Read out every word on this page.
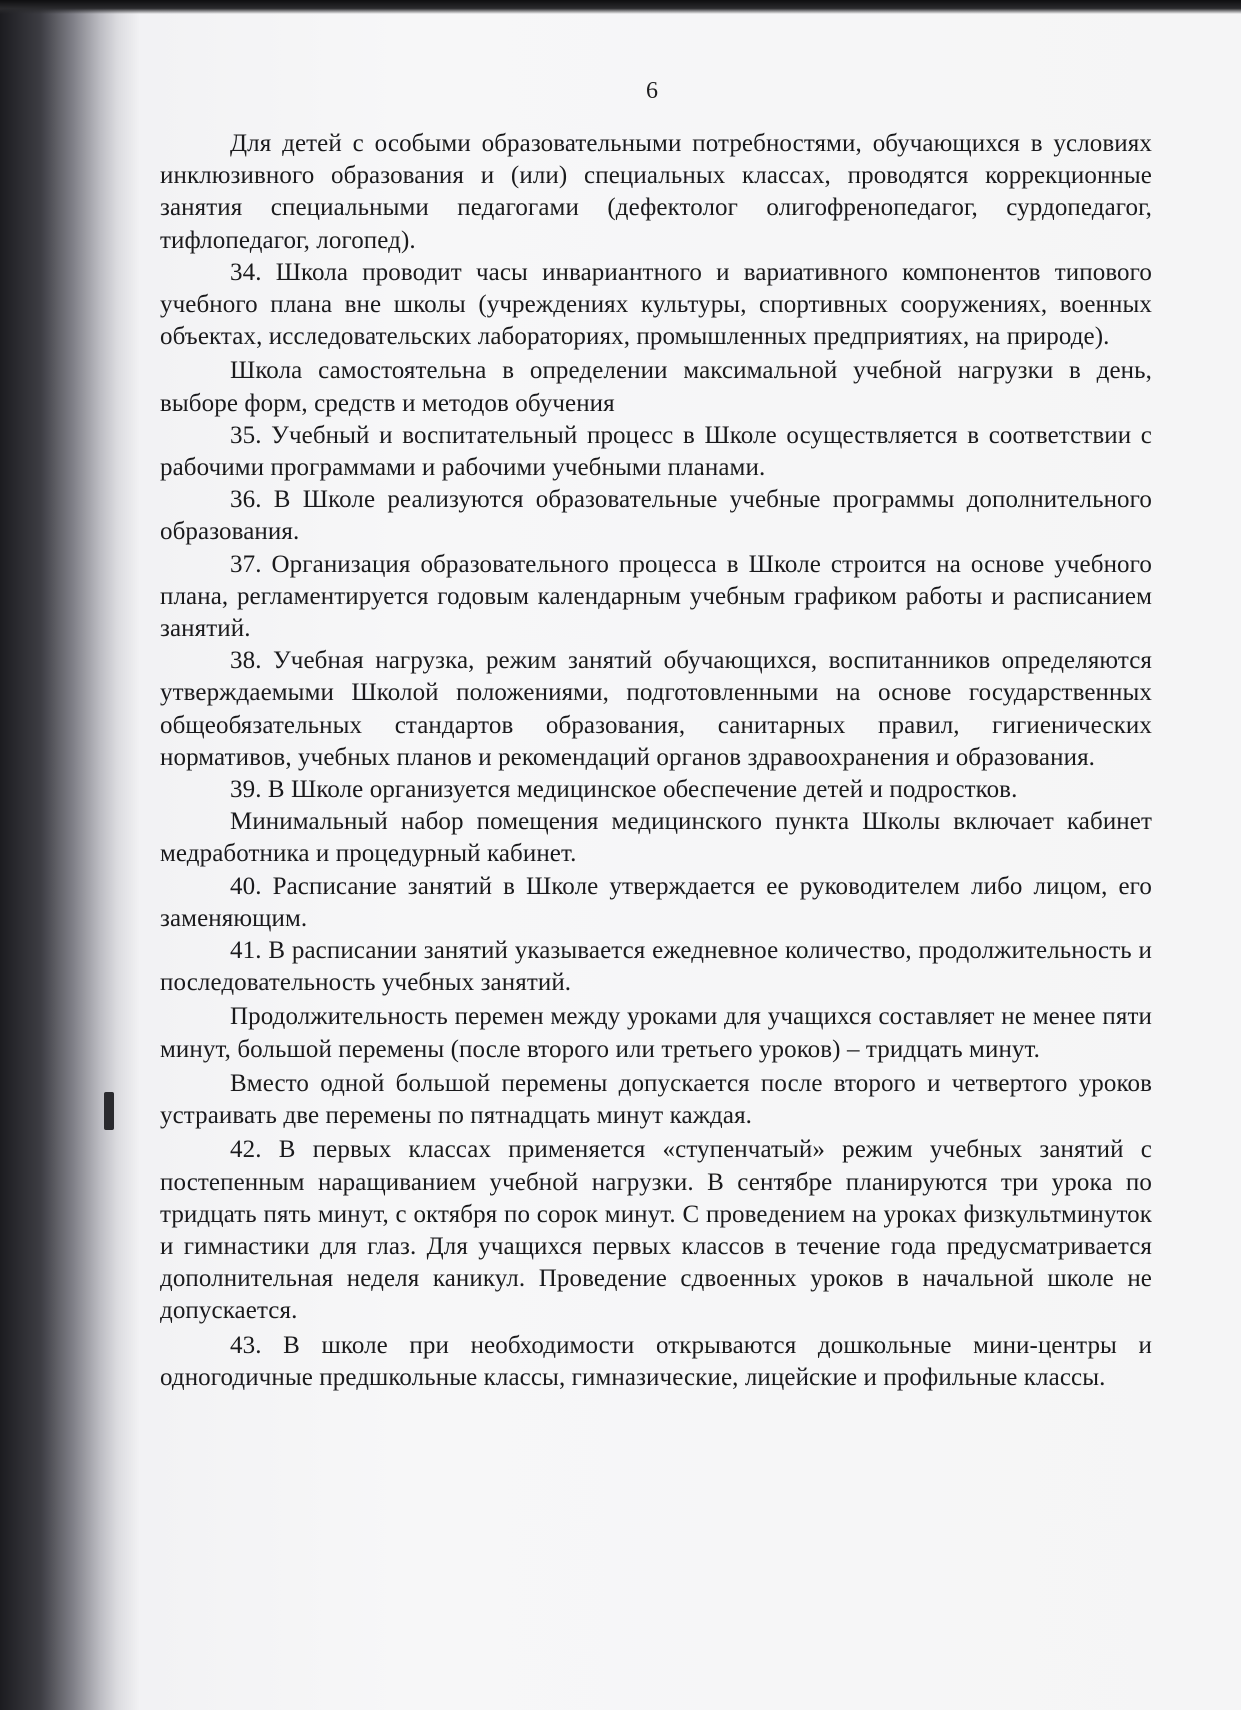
6

Для детей с особыми образовательными потребностями, обучающихся в условиях инклюзивного образования и (или) специальных классах, проводятся коррекционные занятия специальными педагогами (дефектолог олигофренопедагог, сурдопедагог, тифлопедагог, логопед).

34. Школа проводит часы инвариантного и вариативного компонентов типового учебного плана вне школы (учреждениях культуры, спортивных сооружениях, военных объектах, исследовательских лабораториях, промышленных предприятиях, на природе).

Школа самостоятельна в определении максимальной учебной нагрузки в день, выборе форм, средств и методов обучения

35. Учебный и воспитательный процесс в Школе осуществляется в соответствии с рабочими программами и рабочими учебными планами.

36. В Школе реализуются образовательные учебные программы дополнительного образования.

37. Организация образовательного процесса в Школе строится на основе учебного плана, регламентируется годовым календарным учебным графиком работы и расписанием занятий.

38. Учебная нагрузка, режим занятий обучающихся, воспитанников определяются утверждаемыми Школой положениями, подготовленными на основе государственных общеобязательных стандартов образования, санитарных правил, гигиенических нормативов, учебных планов и рекомендаций органов здравоохранения и образования.

39. В Школе организуется медицинское обеспечение детей и подростков.

Минимальный набор помещения медицинского пункта Школы включает кабинет медработника и процедурный кабинет.

40. Расписание занятий в Школе утверждается ее руководителем либо лицом, его заменяющим.

41. В расписании занятий указывается ежедневное количество, продолжительность и последовательность учебных занятий.

Продолжительность перемен между уроками для учащихся составляет не менее пяти минут, большой перемены (после второго или третьего уроков) – тридцать минут.

Вместо одной большой перемены допускается после второго и четвертого уроков устраивать две перемены по пятнадцать минут каждая.

42. В первых классах применяется «ступенчатый» режим учебных занятий с постепенным наращиванием учебной нагрузки. В сентябре планируются три урока по тридцать пять минут, с октября по сорок минут. С проведением на уроках физкультминуток и гимнастики для глаз. Для учащихся первых классов в течение года предусматривается дополнительная неделя каникул. Проведение сдвоенных уроков в начальной школе не допускается.

43. В школе при необходимости открываются дошкольные мини-центры и одногодичные предшкольные классы, гимназические, лицейские и профильные классы.
